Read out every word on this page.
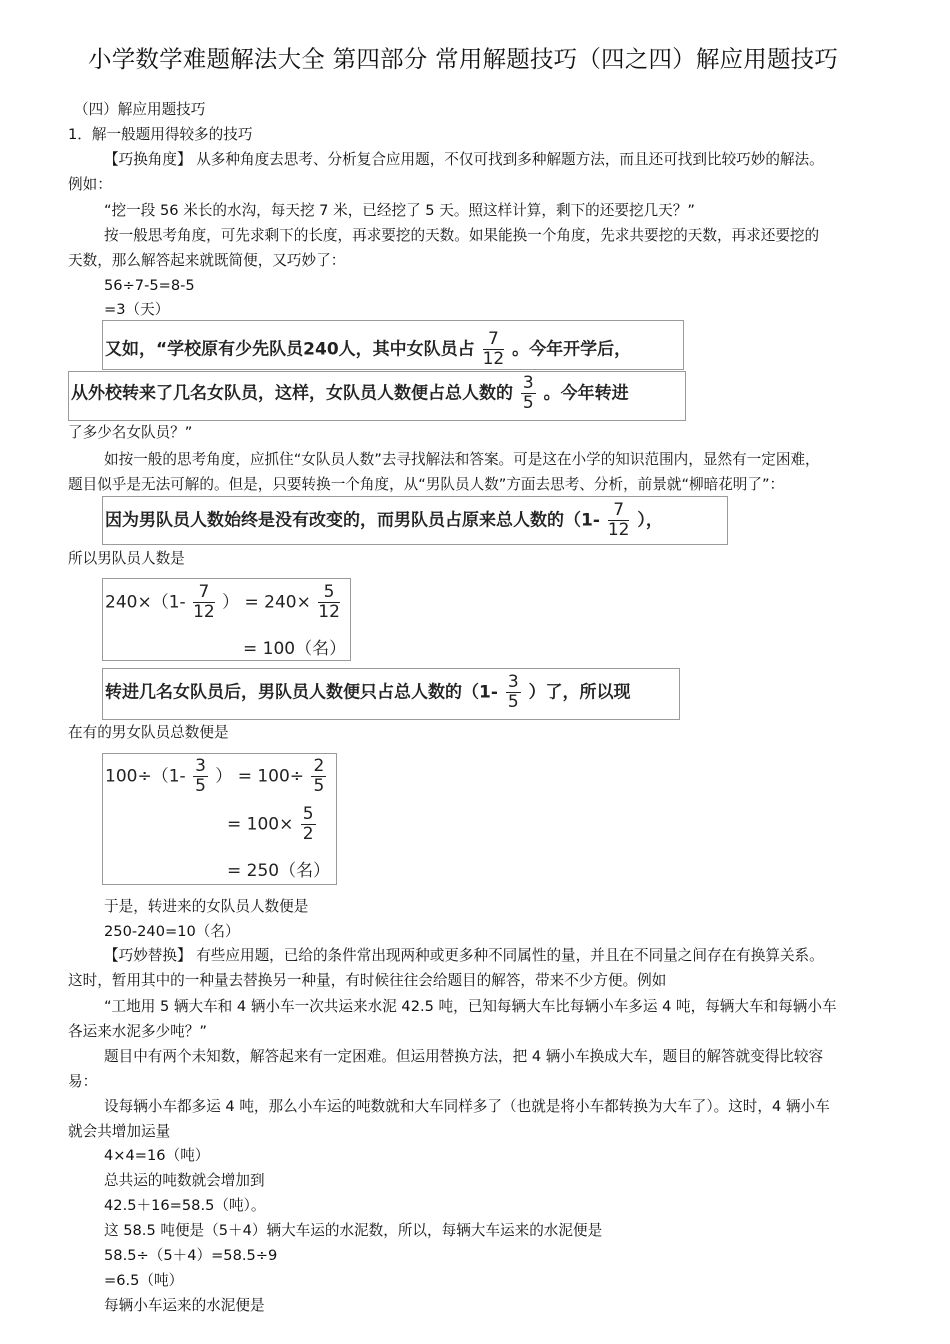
小学数学难题解法大全 第四部分 常用解题技巧（四之四）解应用题技巧
（四）解应用题技巧
1．解一般题用得较多的技巧
【巧换角度】 从多种角度去思考、分析复合应用题，不仅可找到多种解题方法，而且还可找到比较巧妙的解法。
例如：
“挖一段 56 米长的水沟，每天挖 7 米，已经挖了 5 天。照这样计算，剩下的还要挖几天？”
按一般思考角度，可先求剩下的长度，再求要挖的天数。如果能换一个角度，先求共要挖的天数，再求还要挖的
天数，那么解答起来就既简便，又巧妙了：
56÷7-5=8-5
=3（天）
又如，“学校原有少先队员240人，其中女队员占 $\frac{7}{12}$ 。今年开学后，
从外校转来了几名女队员，这样，女队员人数便占总人数的 $\frac{3}{5}$ 。今年转进
了多少名女队员？”
如按一般的思考角度，应抓住“女队员人数”去寻找解法和答案。可是这在小学的知识范围内，显然有一定困难，
题目似乎是无法可解的。但是，只要转换一个角度，从“男队员人数”方面去思考、分析，前景就“柳暗花明了”：
因为男队员人数始终是没有改变的，而男队员占原来总人数的（$1- \frac{7}{12}$ ），
所以男队员人数是
$240\times(1- \frac{7}{12}$ ） = $240\times \frac{5}{12}$
= 100（名）
转进几名女队员后，男队员人数便只占总人数的（$1- \frac{3}{5}$ ）了，所以现
在有的男女队员总数便是
$100\div(1- \frac{3}{5}$ ） = $100\div \frac{2}{5}$
= $100\times \frac{5}{2}$
= 250（名）
于是，转进来的女队员人数便是
250-240=10（名）
【巧妙替换】 有些应用题，已给的条件常出现两种或更多种不同属性的量，并且在不同量之间存在有换算关系。
这时，暂用其中的一种量去替换另一种量，有时候往往会给题目的解答，带来不少方便。例如
“工地用 5 辆大车和 4 辆小车一次共运来水泥 42.5 吨，已知每辆大车比每辆小车多运 4 吨，每辆大车和每辆小车
各运来水泥多少吨？”
题目中有两个未知数，解答起来有一定困难。但运用替换方法，把 4 辆小车换成大车，题目的解答就变得比较容
易：
设每辆小车都多运 4 吨，那么小车运的吨数就和大车同样多了（也就是将小车都转换为大车了）。这时，4 辆小车
就会共增加运量
4×4=16（吨）
总共运的吨数就会增加到
42.5＋16=58.5（吨）。
这 58.5 吨便是（5＋4）辆大车运的水泥数，所以，每辆大车运来的水泥便是
58.5÷（5＋4）=58.5÷9
=6.5（吨）
每辆小车运来的水泥便是
